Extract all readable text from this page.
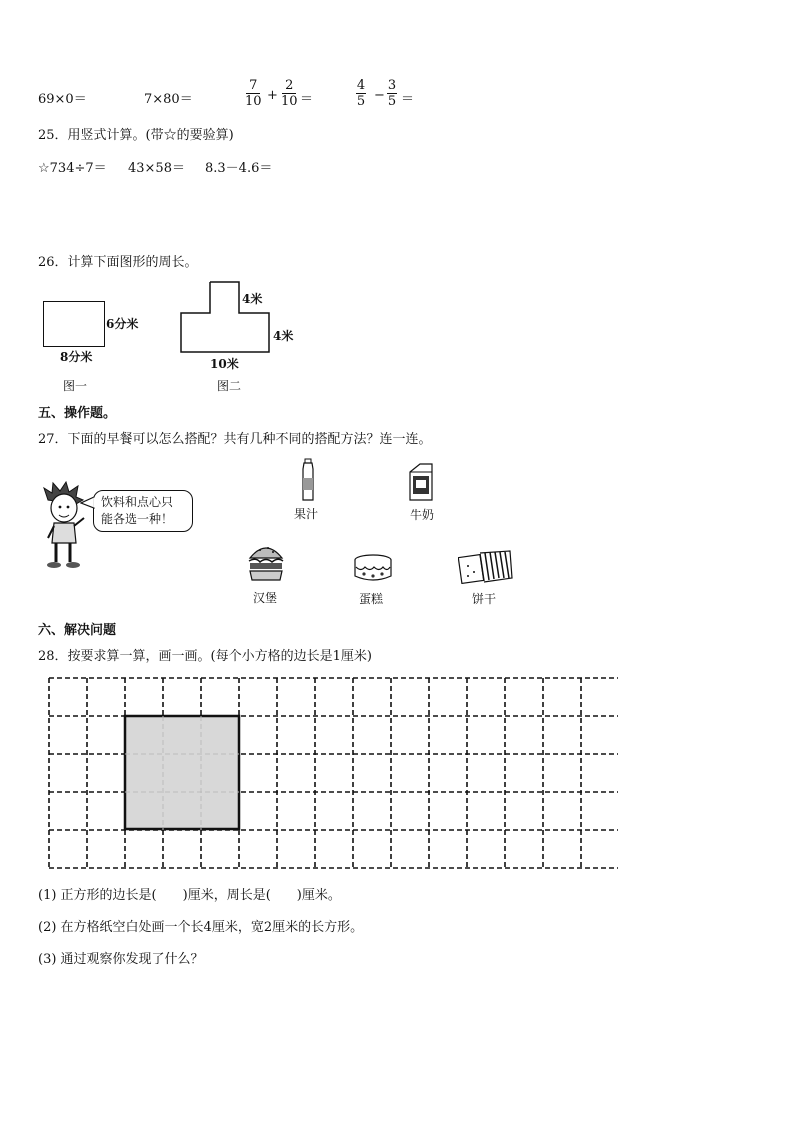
69×0＝	7×80＝
7
10 +
2
10 ＝
4
5 −
3
5 ＝
25．用竖式计算。(带☆的要验算)
☆734÷7＝ 43×58＝ 8.3－4.6＝
26．计算下面图形的周长。
6分米
8分米
图一
4米
4米
10米
图二
五、操作题。
27．下面的早餐可以怎么搭配？共有几种不同的搭配方法？连一连。
饮料和点心只
能各选一种！	果汁	牛奶
汉堡	蛋糕	饼干
六、解决问题
28．按要求算一算，画一画。(每个小方格的边长是1厘米)
(1) 正方形的边长是(　　)厘米，周长是(　　)厘米。
(2) 在方格纸空白处画一个长4厘米，宽2厘米的长方形。
(3) 通过观察你发现了什么？
